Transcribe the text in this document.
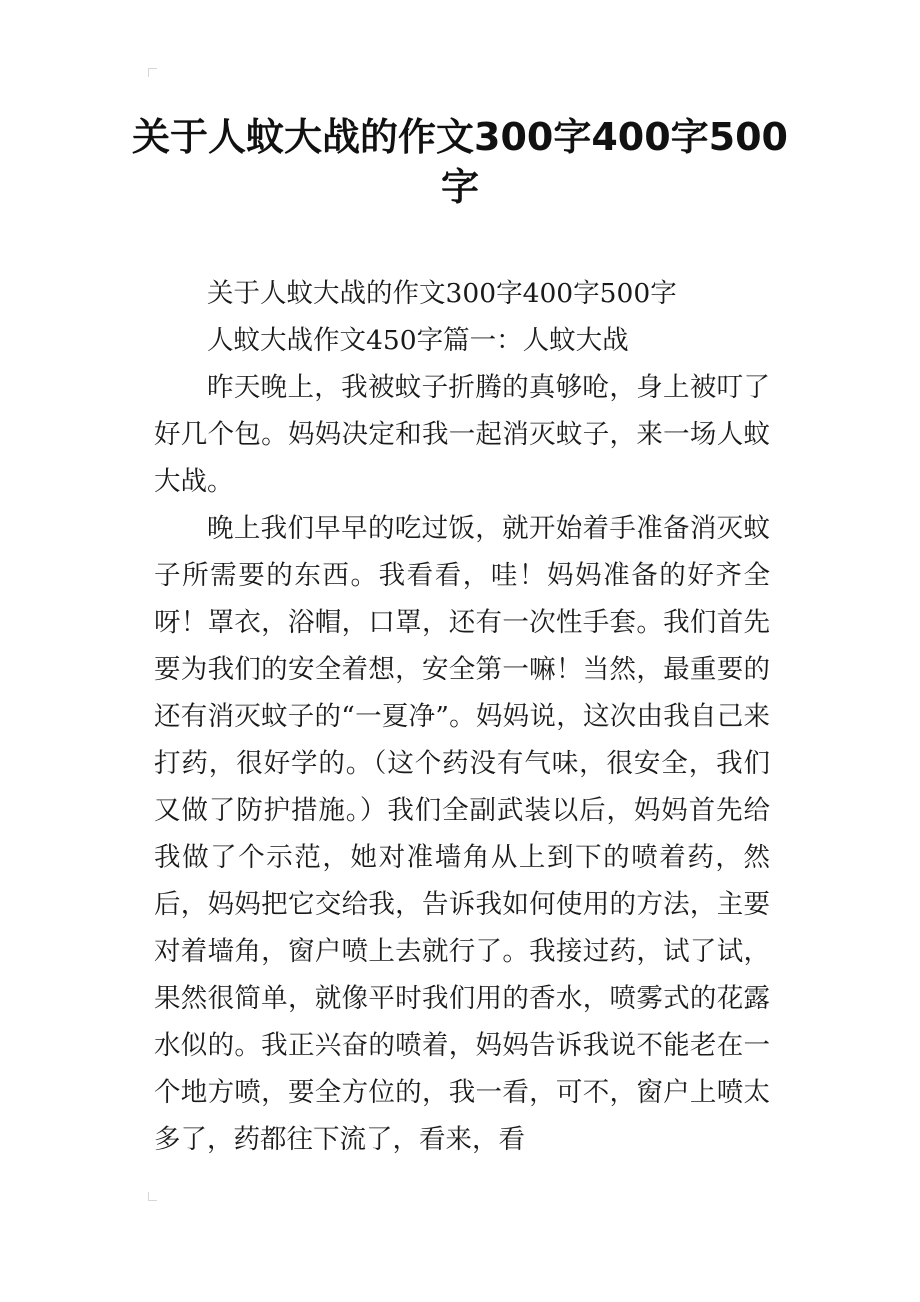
关于人蚊大战的作文300字400字500字

关于人蚊大战的作文300字400字500字

人蚊大战作文450字篇一：人蚊大战

昨天晚上，我被蚊子折腾的真够呛，身上被叮了好几个包。妈妈决定和我一起消灭蚊子，来一场人蚊大战。

晚上我们早早的吃过饭，就开始着手准备消灭蚊子所需要的东西。我看看，哇！妈妈准备的好齐全呀！罩衣，浴帽，口罩，还有一次性手套。我们首先要为我们的安全着想，安全第一嘛！当然，最重要的还有消灭蚊子的“一夏净”。妈妈说，这次由我自己来打药，很好学的。（这个药没有气味，很安全，我们又做了防护措施。）我们全副武装以后，妈妈首先给我做了个示范，她对准墙角从上到下的喷着药，然后，妈妈把它交给我，告诉我如何使用的方法，主要对着墙角，窗户喷上去就行了。我接过药，试了试，果然很简单，就像平时我们用的香水，喷雾式的花露水似的。我正兴奋的喷着，妈妈告诉我说不能老在一个地方喷，要全方位的，我一看，可不，窗户上喷太多了，药都往下流了，看来，看
